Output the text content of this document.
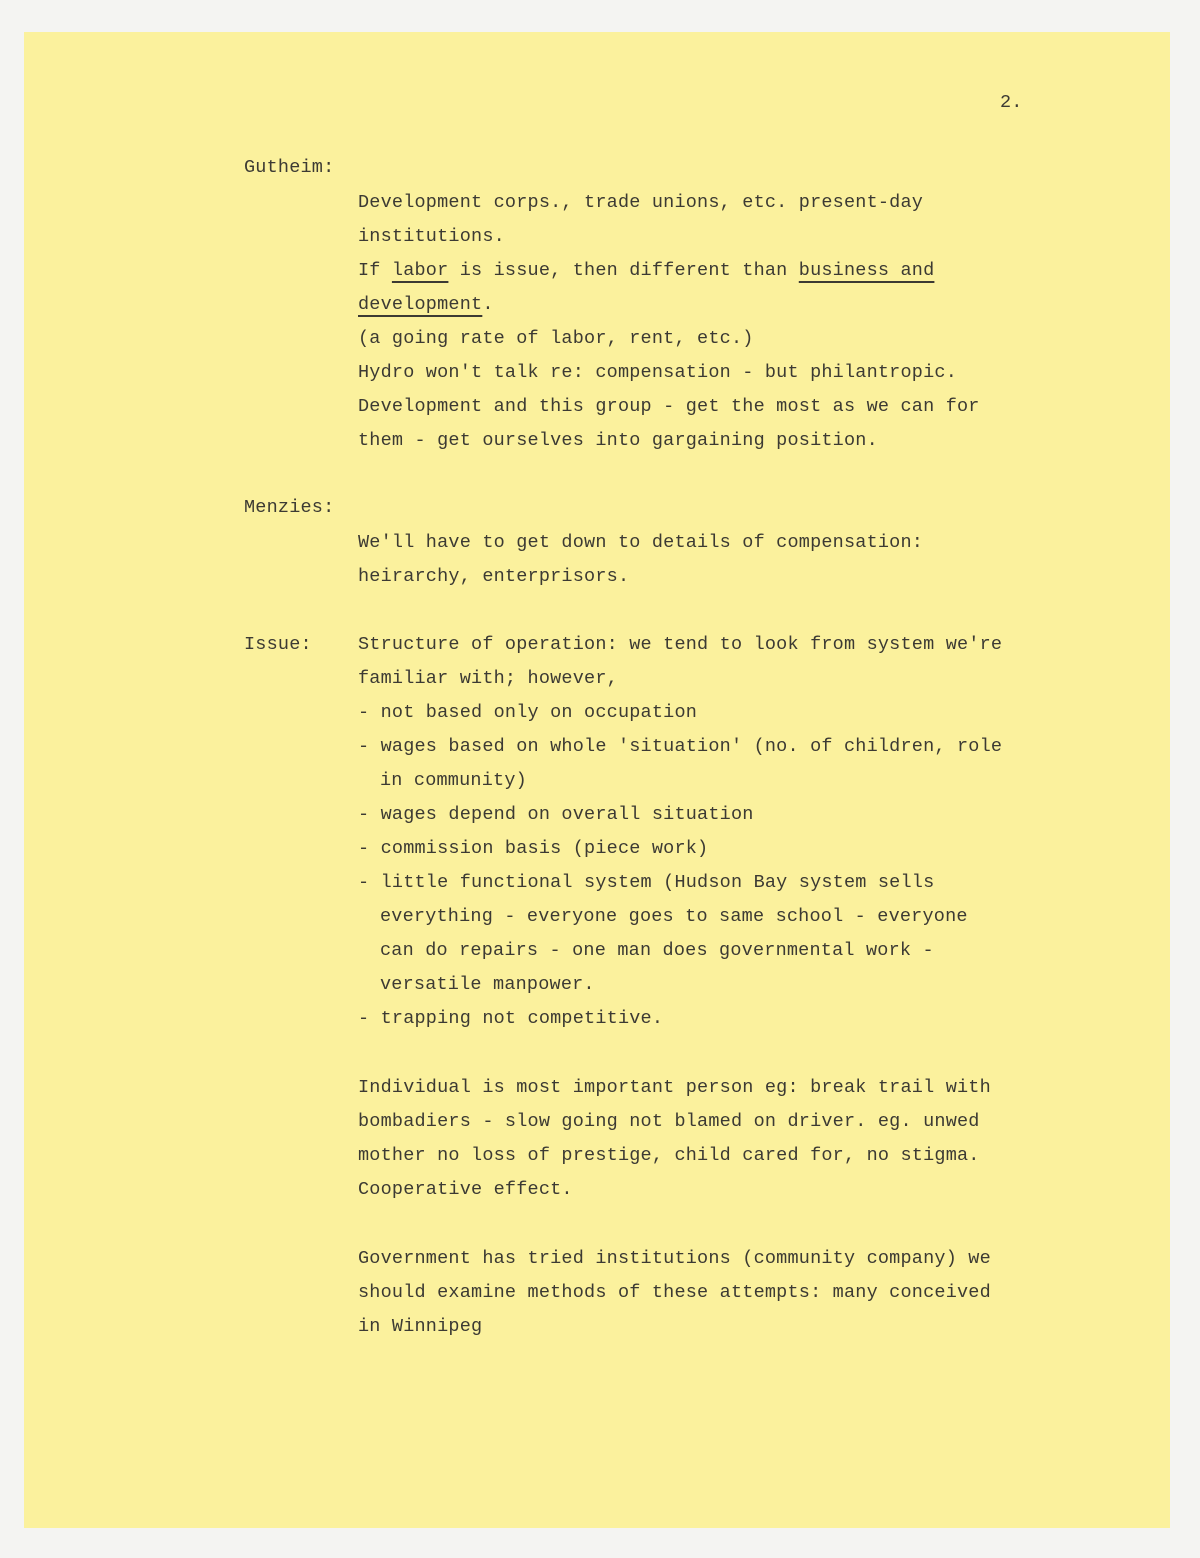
2.
Gutheim:
Development corps., trade unions, etc. present-day
institutions.
If labor is issue, then different than business and
development.
(a going rate of labor, rent, etc.)
Hydro won't talk re: compensation - but philantropic.
Development and this group - get the most as we can for
them - get ourselves into gargaining position.
Menzies:
We'll have to get down to details of compensation:
heirarchy, enterprisors.
Issue: Structure of operation: we tend to look from system we're
familiar with; however,
- not based only on occupation
- wages based on whole 'situation' (no. of children, role
in community)
- wages depend on overall situation
- commission basis (piece work)
- little functional system (Hudson Bay system sells
everything - everyone goes to same school - everyone
can do repairs - one man does governmental work -
versatile manpower.
- trapping not competitive.
Individual is most important person eg: break trail with
bombadiers - slow going not blamed on driver. eg. unwed
mother no loss of prestige, child cared for, no stigma.
Cooperative effect.
Government has tried institutions (community company) we
should examine methods of these attempts: many conceived
in Winnipeg
